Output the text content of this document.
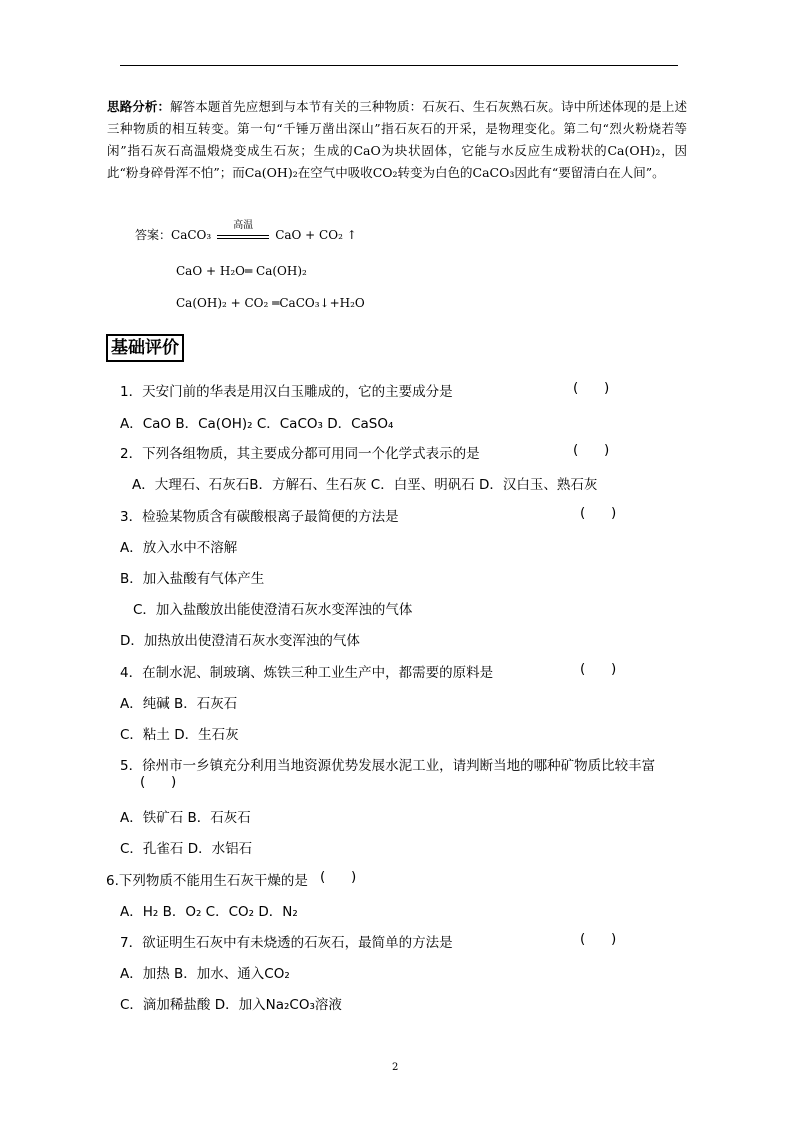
思路分析：解答本题首先应想到与本节有关的三种物质：石灰石、生石灰熟石灰。诗中所述体现的是上述三种物质的相互转变。第一句“千锤万凿出深山”指石灰石的开采，是物理变化。第二句“烈火粉烧若等闲”指石灰石高温煅烧变成生石灰；生成的CaO为块状固体，它能与水反应生成粉状的Ca(OH)₂，因此“粉身碎骨浑不怕”；而Ca(OH)₂在空气中吸收CO₂转变为白色的CaCO₃因此有“要留清白在人间”。
答案：CaCO₃
高温
CaO + CO₂ ↑
CaO + H₂O═ Ca(OH)₂
Ca(OH)₂ + CO₂ ═CaCO₃↓+H₂O
基础评价
1．天安门前的华表是用汉白玉雕成的，它的主要成分是	(      )
A．CaO B．Ca(OH)₂ C．CaCO₃ D．CaSO₄
2．下列各组物质，其主要成分都可用同一个化学式表示的是	(      )
A．大理石、石灰石B．方解石、生石灰 C．白垩、明矾石 D．汉白玉、熟石灰
3．检验某物质含有碳酸根离子最简便的方法是	(      )
A．放入水中不溶解
B．加入盐酸有气体产生
C．加入盐酸放出能使澄清石灰水变浑浊的气体
D．加热放出使澄清石灰水变浑浊的气体
4．在制水泥、制玻璃、炼铁三种工业生产中，都需要的原料是	(      )
A．纯碱 B．石灰石
C．粘土 D．生石灰
5．徐州市一乡镇充分利用当地资源优势发展水泥工业，请判断当地的哪种矿物质比较丰富
(      )
A．铁矿石 B．石灰石
C．孔雀石 D．水铝石
6.下列物质不能用生石灰干燥的是 (      )
A．H₂ B．O₂ C．CO₂ D．N₂
7．欲证明生石灰中有未烧透的石灰石，最简单的方法是	(      )
A．加热 B．加水、通入CO₂
C．滴加稀盐酸 D．加入Na₂CO₃溶液
2
